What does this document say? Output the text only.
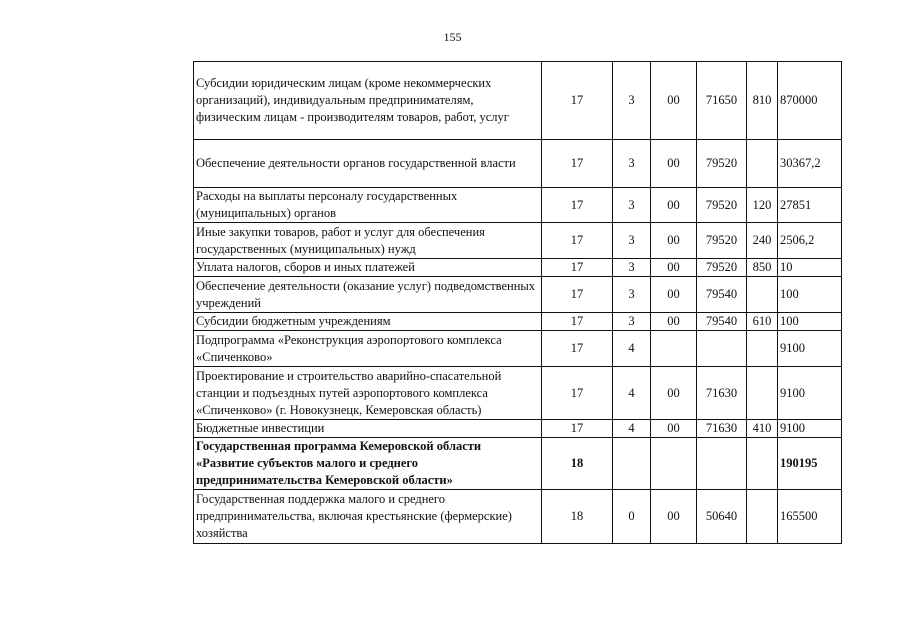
155
Субсидии юридическим лицам (кроме некоммерческих организаций), индивидуальным предпринимателям, физическим лицам - производителям товаров, работ, услуг	17	3	00	71650	810	870000
Обеспечение деятельности органов государственной власти	17	3	00	79520		30367,2
Расходы на выплаты персоналу государственных (муниципальных) органов	17	3	00	79520	120	27851
Иные закупки товаров, работ и услуг для обеспечения государственных (муниципальных) нужд	17	3	00	79520	240	2506,2
Уплата налогов, сборов и иных платежей	17	3	00	79520	850	10
Обеспечение деятельности (оказание услуг) подведомственных учреждений	17	3	00	79540		100
Субсидии бюджетным учреждениям	17	3	00	79540	610	100
Подпрограмма «Реконструкция аэропортового комплекса «Спиченково»	17	4				9100
Проектирование и строительство аварийно-спасательной станции и подъездных путей аэропортового комплекса «Спиченково» (г. Новокузнецк, Кемеровская область)	17	4	00	71630		9100
Бюджетные инвестиции	17	4	00	71630	410	9100
Государственная программа Кемеровской области «Развитие субъектов малого и среднего предпринимательства Кемеровской области»	18					190195
Государственная поддержка малого и среднего предпринимательства, включая крестьянские (фермерские) хозяйства	18	0	00	50640		165500
